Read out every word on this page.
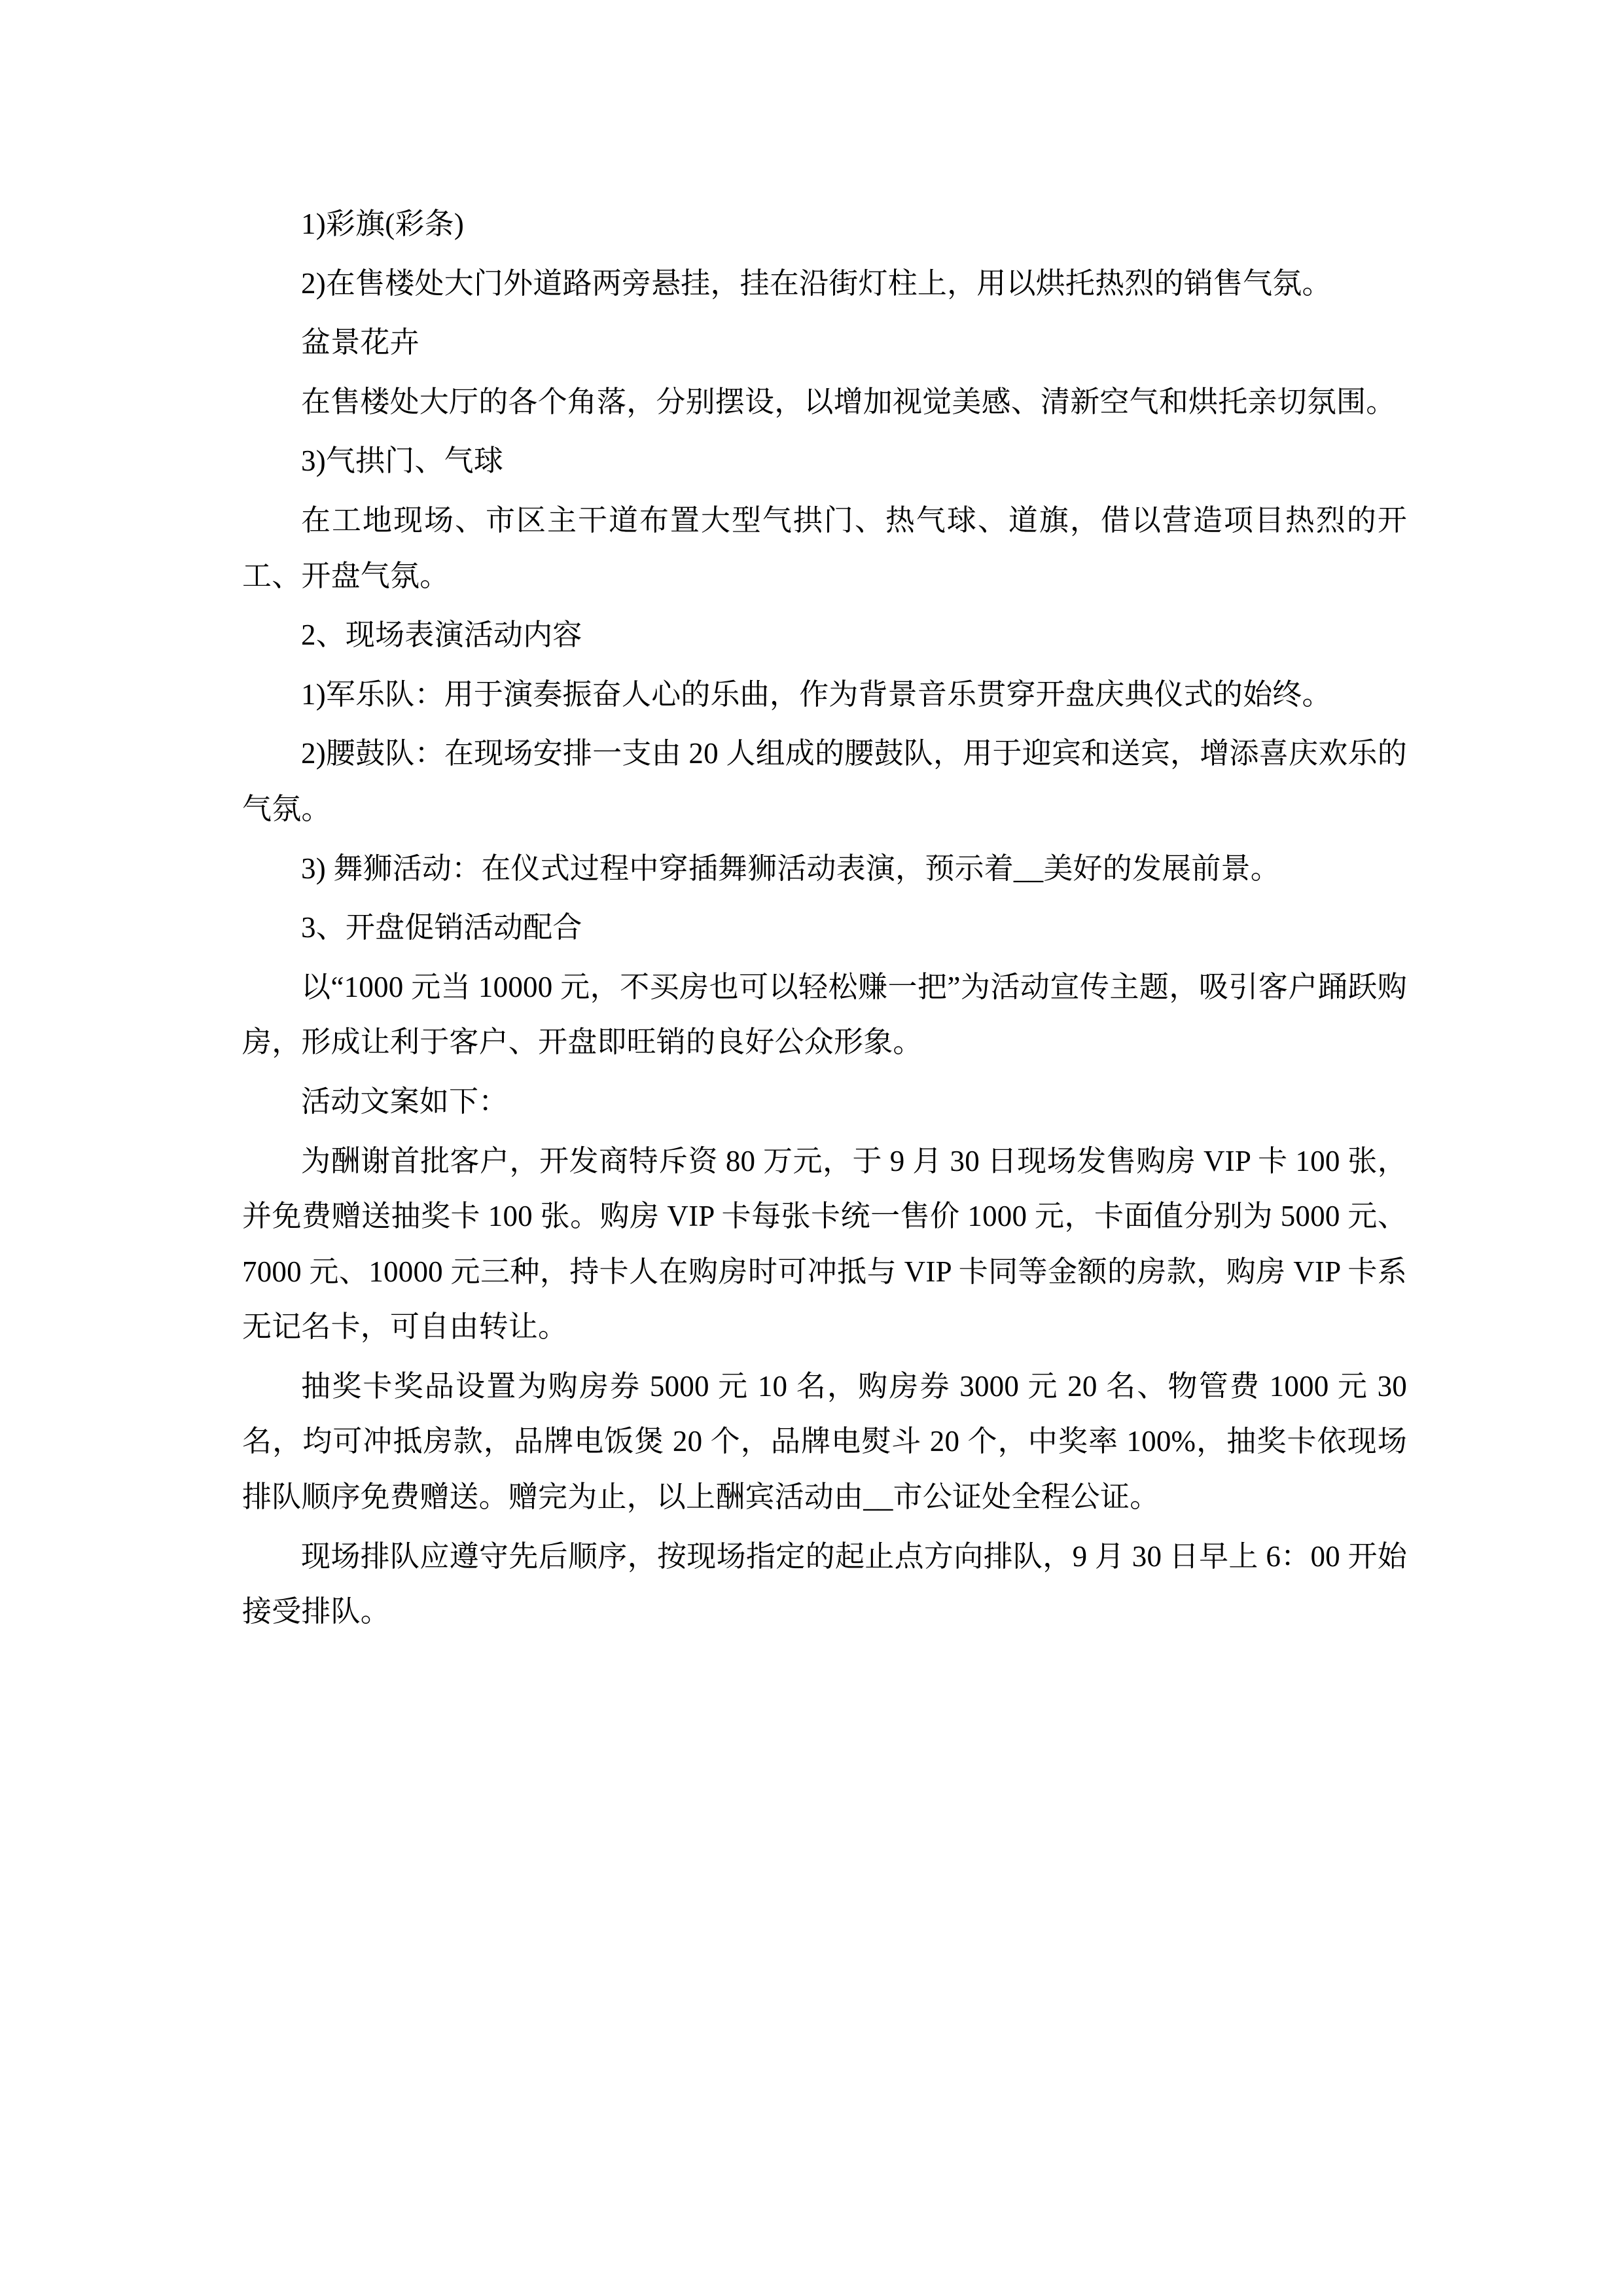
1)彩旗(彩条)

2)在售楼处大门外道路两旁悬挂，挂在沿街灯柱上，用以烘托热烈的销售气氛。

盆景花卉

在售楼处大厅的各个角落，分别摆设，以增加视觉美感、清新空气和烘托亲切氛围。

3)气拱门、气球

在工地现场、市区主干道布置大型气拱门、热气球、道旗，借以营造项目热烈的开工、开盘气氛。

2、现场表演活动内容

1)军乐队：用于演奏振奋人心的乐曲，作为背景音乐贯穿开盘庆典仪式的始终。

2)腰鼓队：在现场安排一支由 20 人组成的腰鼓队，用于迎宾和送宾，增添喜庆欢乐的气氛。

3) 舞狮活动：在仪式过程中穿插舞狮活动表演，预示着__美好的发展前景。

3、开盘促销活动配合

以“1000 元当 10000 元，不买房也可以轻松赚一把”为活动宣传主题，吸引客户踊跃购房，形成让利于客户、开盘即旺销的良好公众形象。

活动文案如下：

为酬谢首批客户，开发商特斥资 80 万元，于 9 月 30 日现场发售购房 VIP 卡 100 张，并免费赠送抽奖卡 100 张。购房 VIP 卡每张卡统一售价 1000 元，卡面值分别为 5000 元、7000 元、10000 元三种，持卡人在购房时可冲抵与 VIP 卡同等金额的房款，购房 VIP 卡系无记名卡，可自由转让。

抽奖卡奖品设置为购房券 5000 元 10 名，购房券 3000 元 20 名、物管费 1000 元 30 名，均可冲抵房款，品牌电饭煲 20 个，品牌电熨斗 20 个，中奖率 100%，抽奖卡依现场排队顺序免费赠送。赠完为止，以上酬宾活动由__市公证处全程公证。

现场排队应遵守先后顺序，按现场指定的起止点方向排队，9 月 30 日早上 6：00 开始接受排队。
